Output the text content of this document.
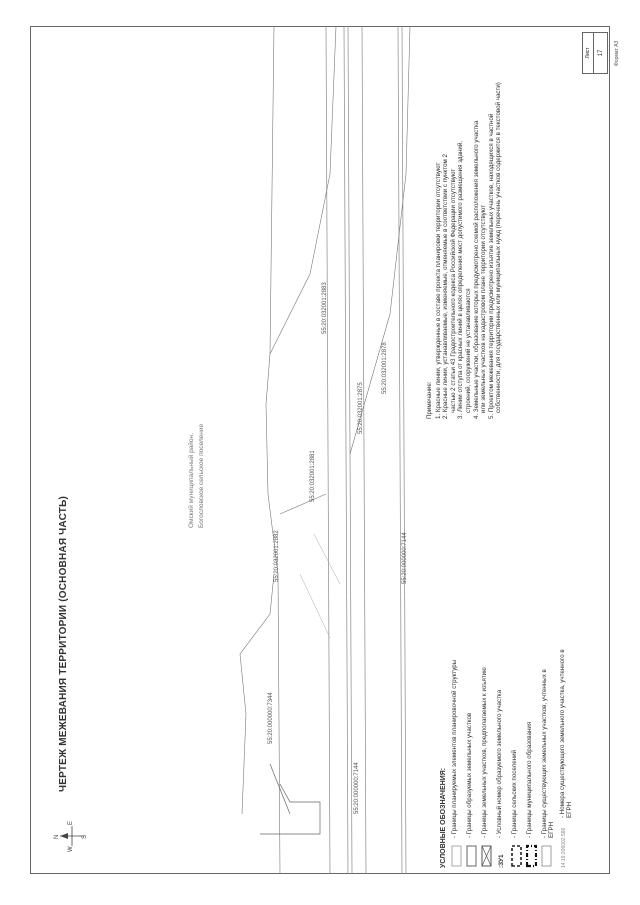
ЧЕРТЕЖ МЕЖЕВАНИЯ ТЕРРИТОРИИ (ОСНОВНАЯ ЧАСТЬ)
N	S
W
E
Омский муниципальный район, Богословское сельское поселение
55:20:000000:7344
55:20:032001:2882
55:20:032001:2881
55:20:032001:2883
55:20:032001:2875
55:20:032001:2878
55:20:000000:7144
55:20:000000:7144	УСЛОВНЫЕ ОБОЗНАЧЕНИЯ: - Границы планируемых элементов планировочной структуры - Границы образуемых земельных участков - Границы земельных участков, предполагаемых к изъятию
:ЗУ1
- Условный номер образуемого земельного участка - Границы сельских поселений - Границы муниципального образования - Границы существующих земельных участков, учтенных в ЕГРН	14:19:206002:586
- Номера существующего земельного участка, учтенного в ЕГРН
Примечание: 1. Красные линии, утвержденные в составе проекта планировки территории отсутствуют 2. Красные линии, устанавливаемые, изменяемые, отменяемые в соответствии с пунктом 2 частью 2 статьи 43 Градостроительного кодекса Российской Федерации отсутствуют 3. Линии отступа от красных линий в целях определения мест допустимого размещения зданий, строений, сооружений не устанавливаются 4. Земельные участки, образование которых предусмотрено схемой расположения земельного участка или земельных участков на кадастровом плане территории отсутствуют 5. Проектом межевания территории предусмотрено изъятие земельных участков, находящихся в частной собственности, для государственных или муниципальных нужд (перечень участков содержится в текстовой части)
Лист	17	Формат А3
